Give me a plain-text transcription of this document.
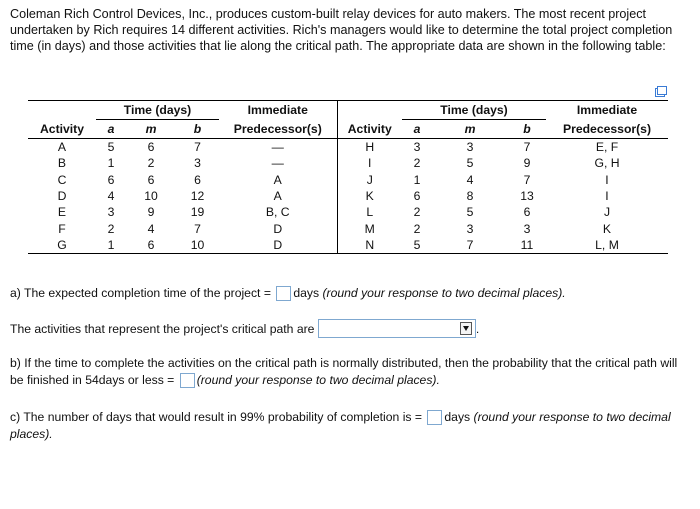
Coleman Rich Control Devices, Inc., produces custom-built relay devices for auto makers. The most recent project undertaken by Rich requires 14 different activities. Rich's managers would like to determine the total project completion time (in days) and those activities that lie along the critical path. The appropriate data are shown in the following table:

	Time (days)			Immediate		Time (days)			Immediate
Activity	a	m	b	Predecessor(s)	Activity	a	m	b	Predecessor(s)
A	5	6	7	—	H	3	3	7	E, F
B	1	2	3	—	I	2	5	9	G, H
C	6	6	6	A	J	1	4	7	I
D	4	10	12	A	K	6	8	13	I
E	3	9	19	B, C	L	2	5	6	J
F	2	4	7	D	M	2	3	3	K
G	1	6	10	D	N	5	7	11	L, M

a) The expected completion time of the project = days (round your response to two decimal places).

The activities that represent the project's critical path are	.

b) If the time to complete the activities on the critical path is normally distributed, then the probability that the critical path will be finished in 54days or less = (round your response to two decimal places).

c) The number of days that would result in 99% probability of completion is = days (round your response to two decimal places).
